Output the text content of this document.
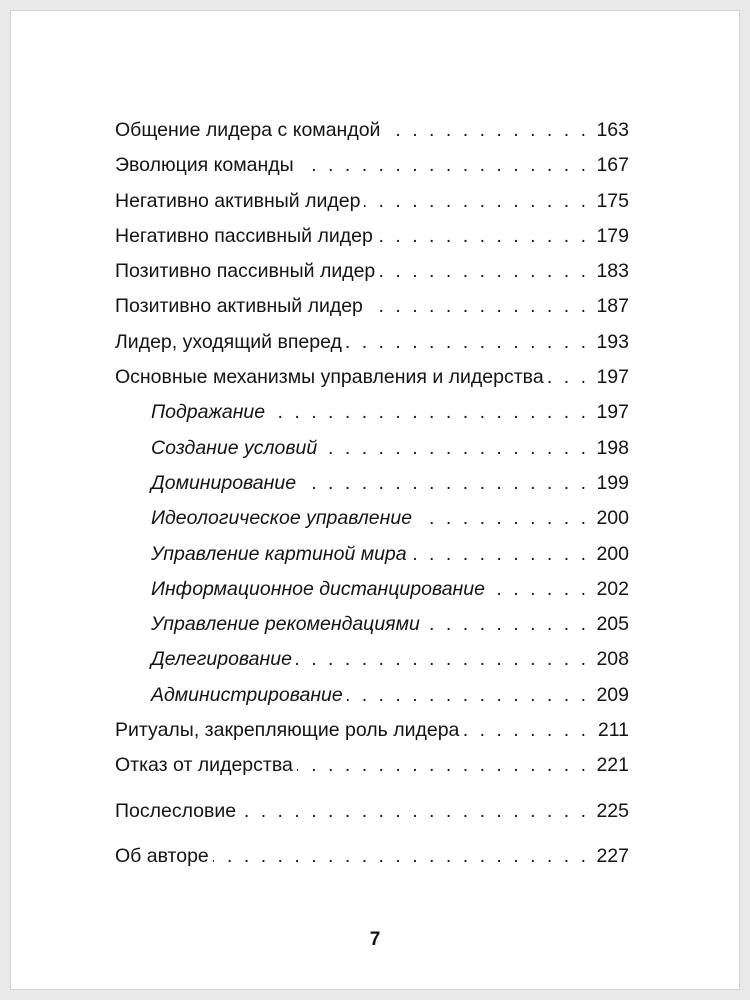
Общение лидера с командой . . .	163
Эволюция команды . . .	167
Негативно активный лидер . . .	175
Негативно пассивный лидер . . .	179
Позитивно пассивный лидер . . .	183
Позитивно активный лидер . . .	187
Лидер, уходящий вперед . . .	193
Основные механизмы управления и лидерства . . .	197
Подражание . . .	197
Создание условий . . .	198
Доминирование . . .	199
Идеологическое управление . . .	200
Управление картиной мира . . .	200
Информационное дистанцирование . . .	202
Управление рекомендациями . . .	205
Делегирование . . .	208
Администрирование . . .	209
Ритуалы, закрепляющие роль лидера . . .	211
Отказ от лидерства . . .	221
Послесловие . . .	225
Об авторе . . .	227
7
